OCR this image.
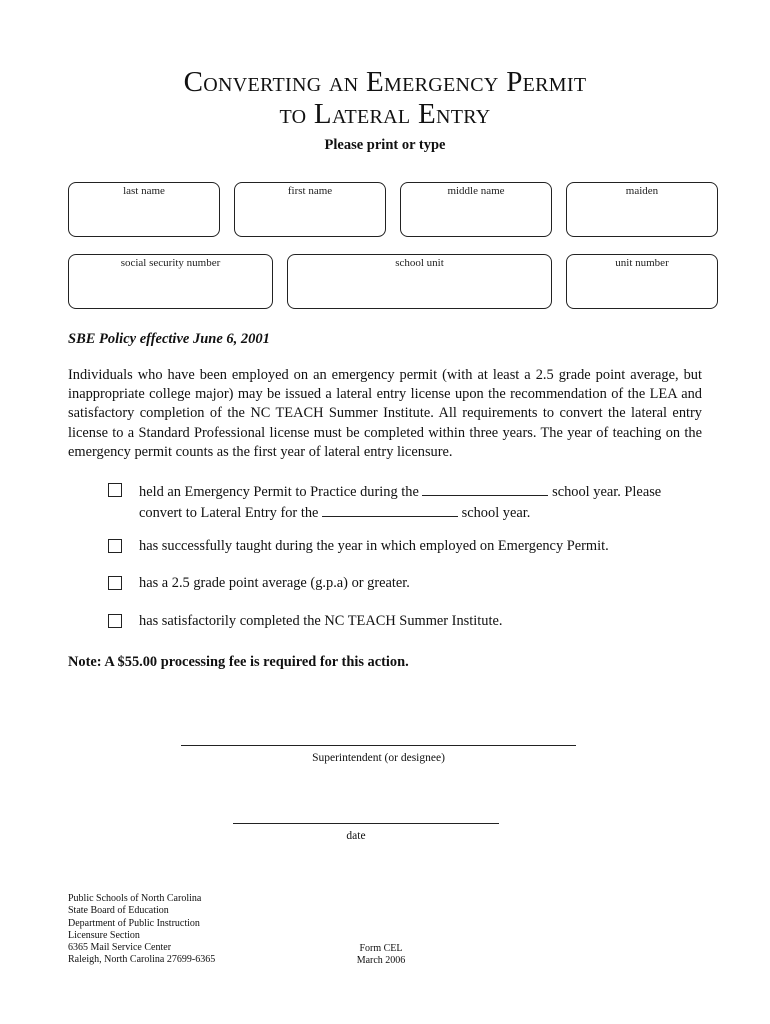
Converting an Emergency Permit
to Lateral Entry
Please print or type
last name	first name	middle name	maiden
social security number	school unit	unit number
SBE Policy effective June 6, 2001
Individuals who have been employed on an emergency permit (with at least a 2.5 grade point average, but inappropriate college major) may be issued a lateral entry license upon the recommendation of the LEA and satisfactory completion of the NC TEACH Summer Institute. All requirements to convert the lateral entry license to a Standard Professional license must be completed within three years. The year of teaching on the emergency permit counts as the first year of lateral entry licensure.
held an Emergency Permit to Practice during the	school year. Please
convert to Lateral Entry for the	school year.
has successfully taught during the year in which employed on Emergency Permit.
has a 2.5 grade point average (g.p.a) or greater.
has satisfactorily completed the NC TEACH Summer Institute.
Note: A $55.00 processing fee is required for this action.
Superintendent (or designee)
date
Public Schools of North Carolina
State Board of Education
Department of Public Instruction
Licensure Section
6365 Mail Service Center
Raleigh, North Carolina 27699-6365
Form CEL
March 2006
